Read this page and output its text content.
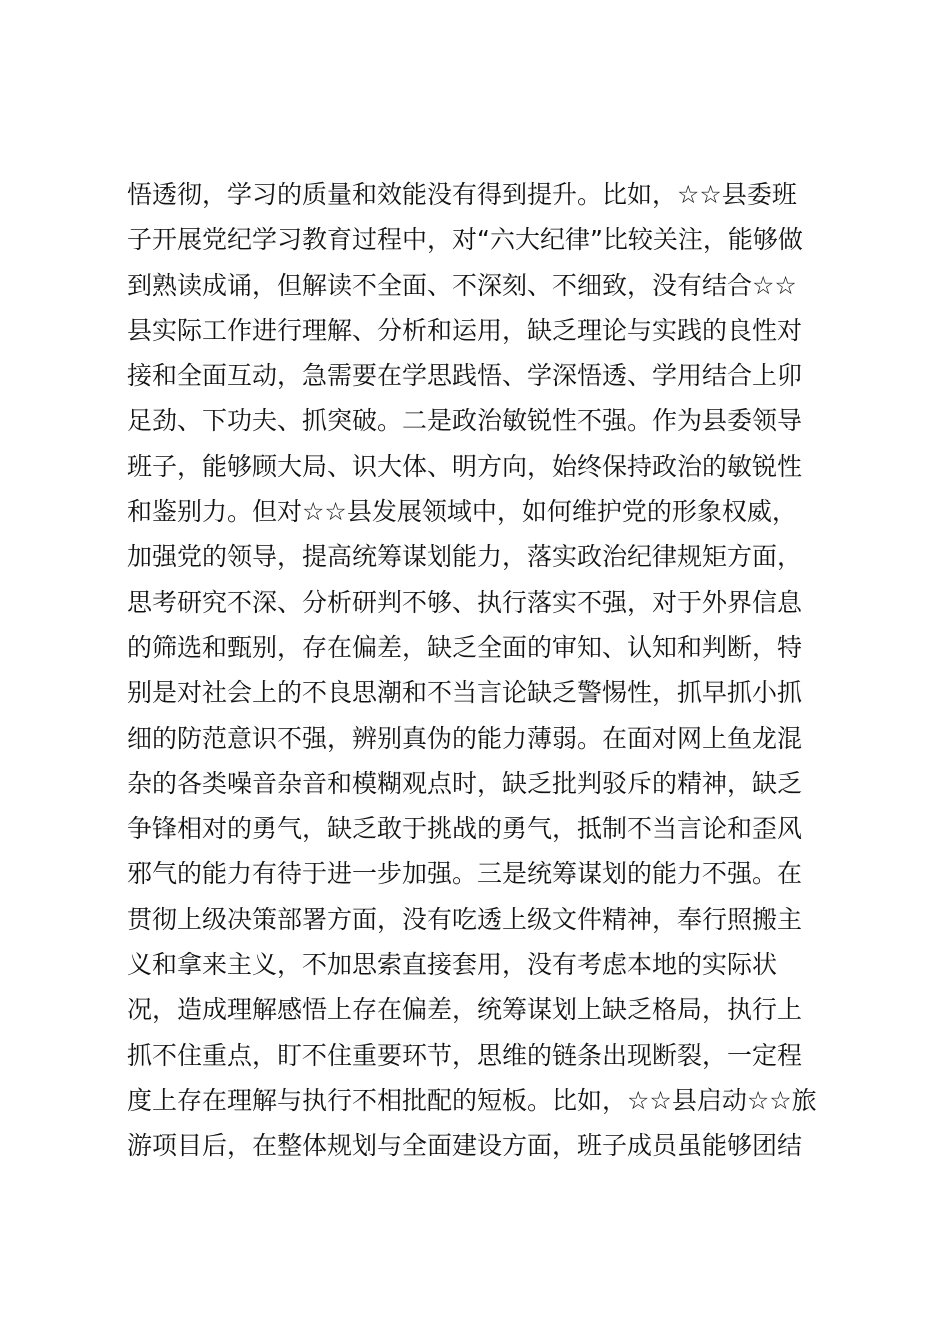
悟透彻，学习的质量和效能没有得到提升。比如，☆☆县委班
子开展党纪学习教育过程中，对“六大纪律”比较关注，能够做
到熟读成诵，但解读不全面、不深刻、不细致，没有结合☆☆
县实际工作进行理解、分析和运用，缺乏理论与实践的良性对
接和全面互动，急需要在学思践悟、学深悟透、学用结合上卯
足劲、下功夫、抓突破。二是政治敏锐性不强。作为县委领导
班子，能够顾大局、识大体、明方向，始终保持政治的敏锐性
和鉴别力。但对☆☆县发展领域中，如何维护党的形象权威，
加强党的领导，提高统筹谋划能力，落实政治纪律规矩方面，
思考研究不深、分析研判不够、执行落实不强，对于外界信息
的筛选和甄别，存在偏差，缺乏全面的审知、认知和判断，特
别是对社会上的不良思潮和不当言论缺乏警惕性，抓早抓小抓
细的防范意识不强，辨别真伪的能力薄弱。在面对网上鱼龙混
杂的各类噪音杂音和模糊观点时，缺乏批判驳斥的精神，缺乏
争锋相对的勇气，缺乏敢于挑战的勇气，抵制不当言论和歪风
邪气的能力有待于进一步加强。三是统筹谋划的能力不强。在
贯彻上级决策部署方面，没有吃透上级文件精神，奉行照搬主
义和拿来主义，不加思索直接套用，没有考虑本地的实际状
况，造成理解感悟上存在偏差，统筹谋划上缺乏格局，执行上
抓不住重点，盯不住重要环节，思维的链条出现断裂，一定程
度上存在理解与执行不相批配的短板。比如，☆☆县启动☆☆旅
游项目后，在整体规划与全面建设方面，班子成员虽能够团结
